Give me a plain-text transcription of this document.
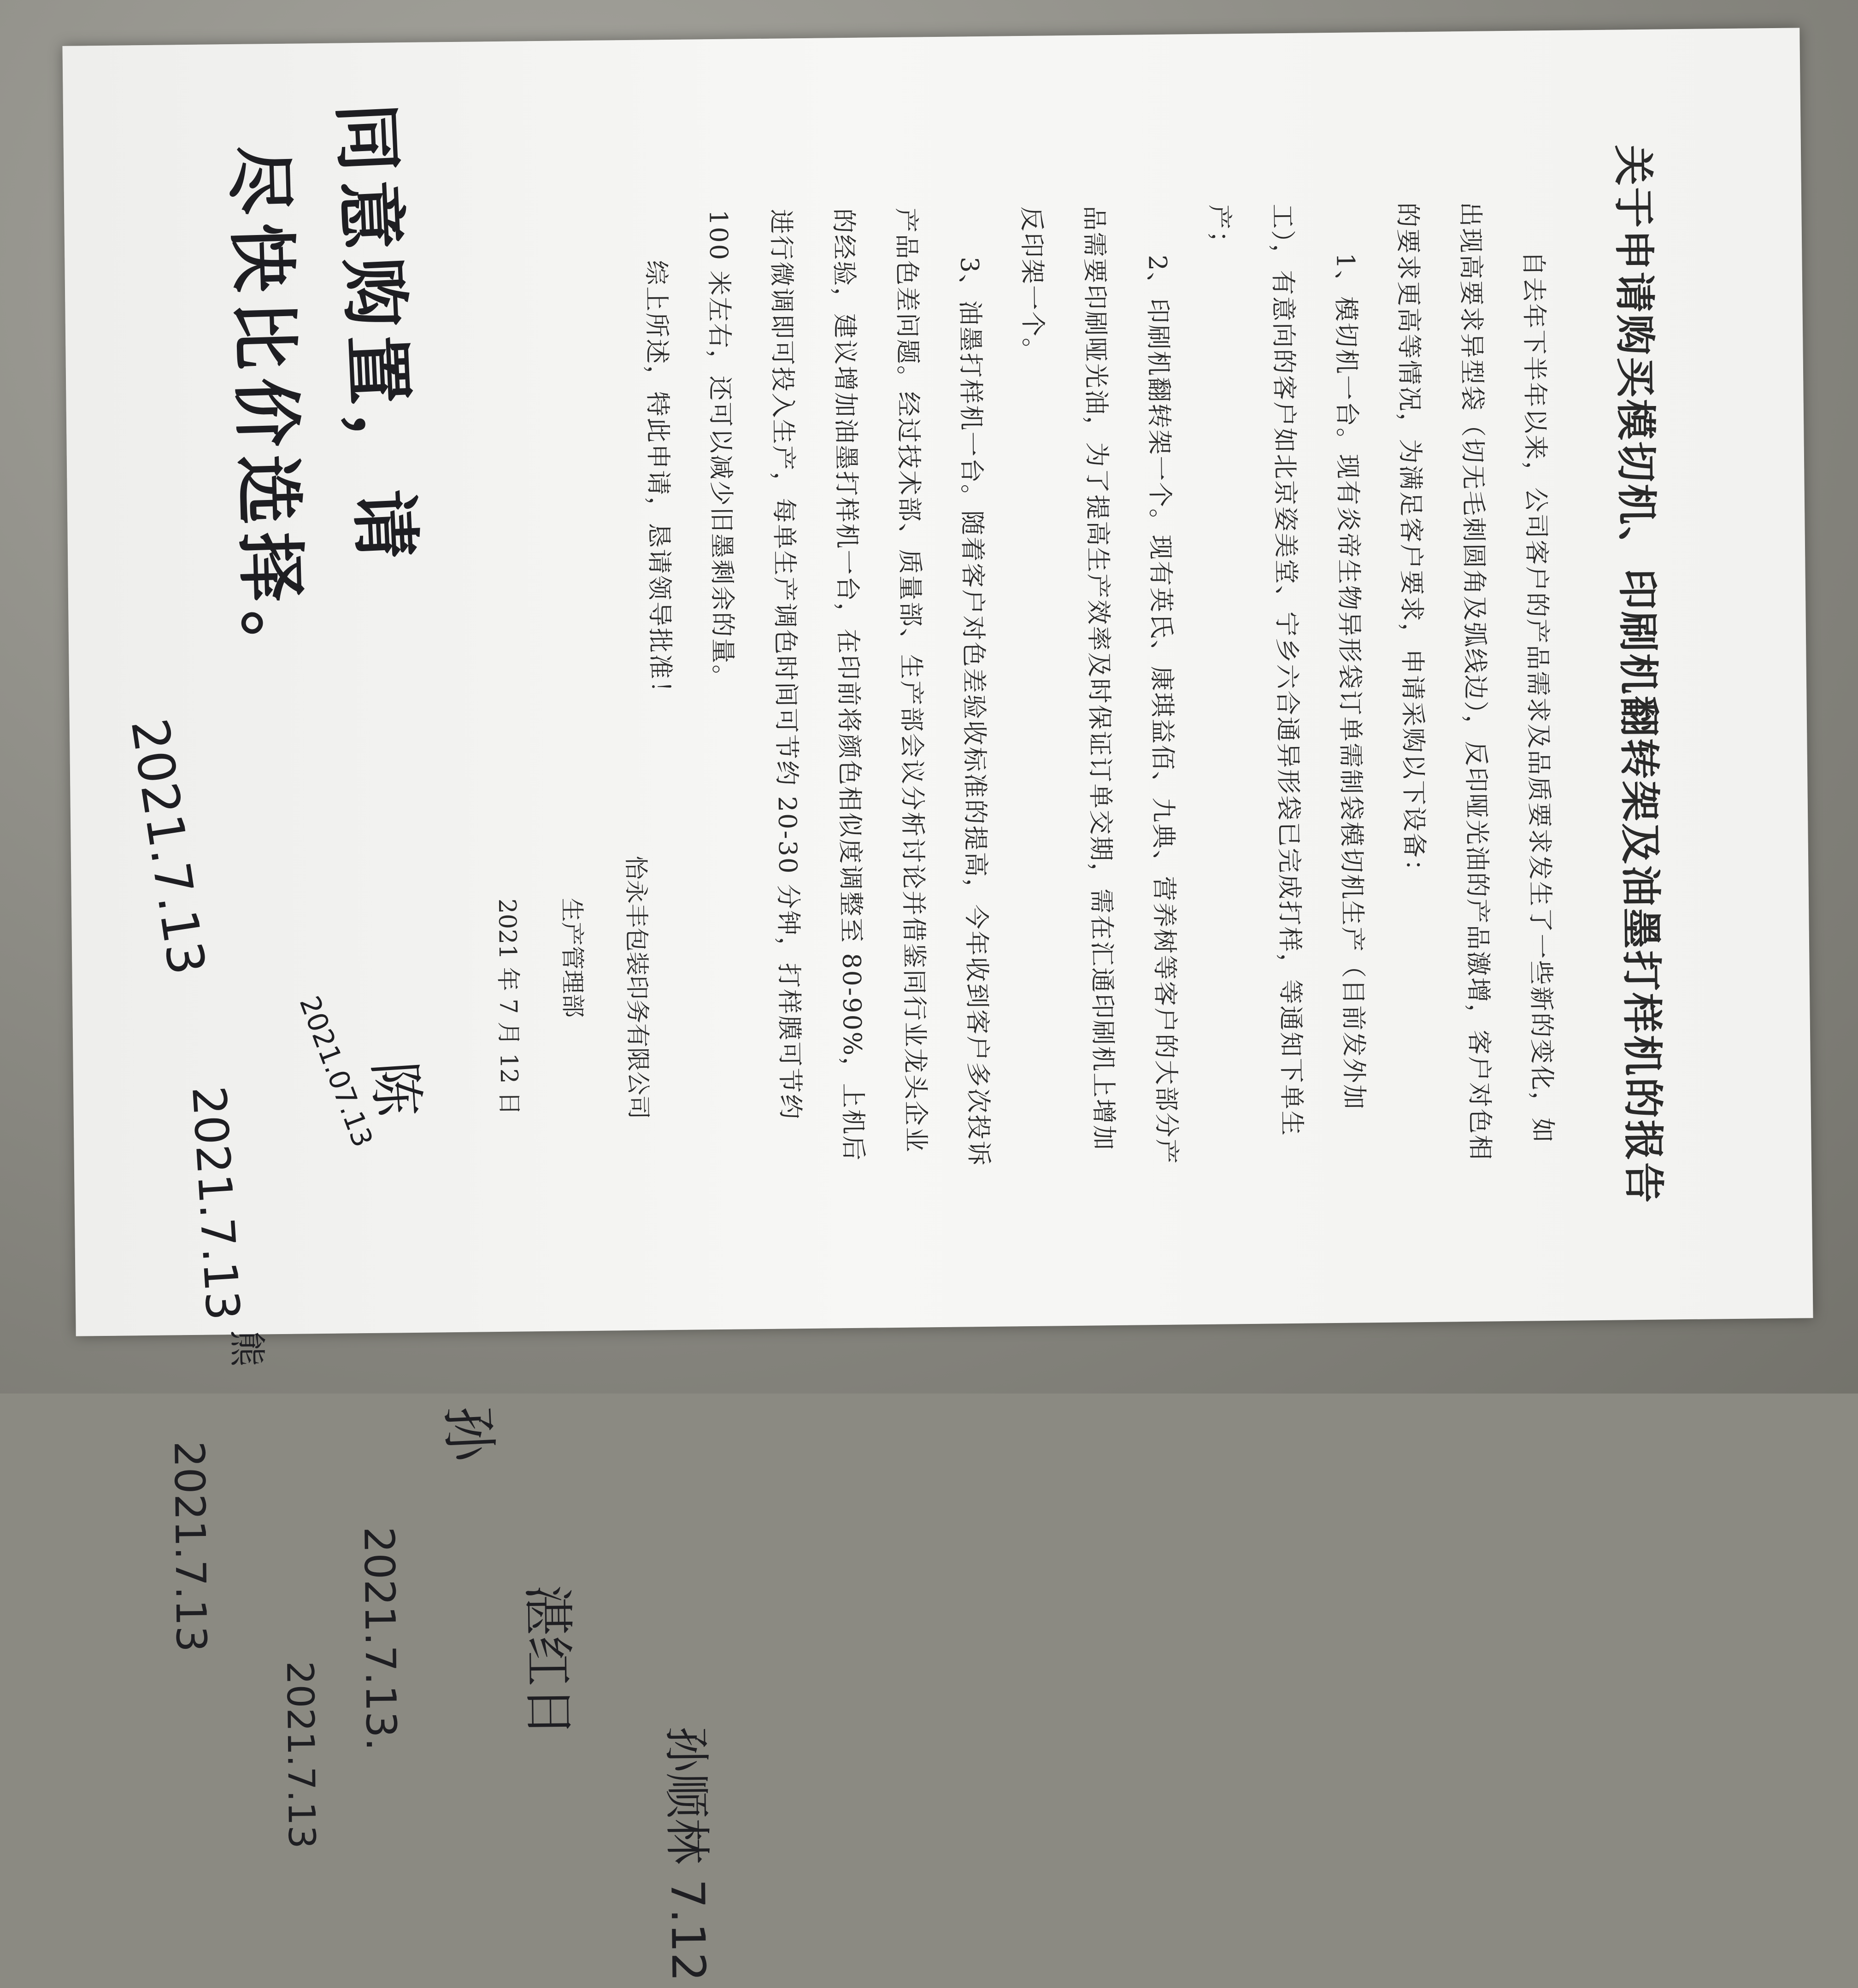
关于申请购买模切机、印刷机翻转架及油墨打样机的报告

自去年下半年以来，公司客户的产品需求及品质要求发生了一些新的变化，如出现高要求异型袋（切无毛刺圆角及弧线边），反印哑光油的产品激增，客户对色相的要求更高等情况，为满足客户要求，申请采购以下设备：

1、模切机一台。现有炎帝生物异形袋订单需制袋模切机生产（目前发外加工），有意向的客户如北京姿美堂、宁乡六合通异形袋已完成打样，等通知下单生产；

2、印刷机翻转架一个。现有英氏、康琪益佰、九典、营养树等客户的大部分产品需要印刷哑光油，为了提高生产效率及时保证订单交期，需在汇通印刷机上增加反印架一个。

3、油墨打样机一台。随着客户对色差验收标准的提高，今年收到客户多次投诉产品色差问题。经过技术部、质量部、生产部会议分析讨论并借鉴同行业龙头企业的经验，建议增加油墨打样机一台，在印前将颜色相似度调整至 80-90%，上机后进行微调即可投入生产，每单生产调色时间可节约 20-30 分钟，打样膜可节约 100 米左右，还可以减少旧墨剩余的量。

综上所述，特此申请，恳请领导批准！

怡永丰包装印务有限公司
生产管理部
2021 年 7 月 12 日
同意购置，请
尽快比价选择。
2021.7.13
陈
2021.07.13
孙
2021.7.13
湛红日
2021.7.13.
孙顺林 7.12
2021.7.13
熊
2021.7.13
